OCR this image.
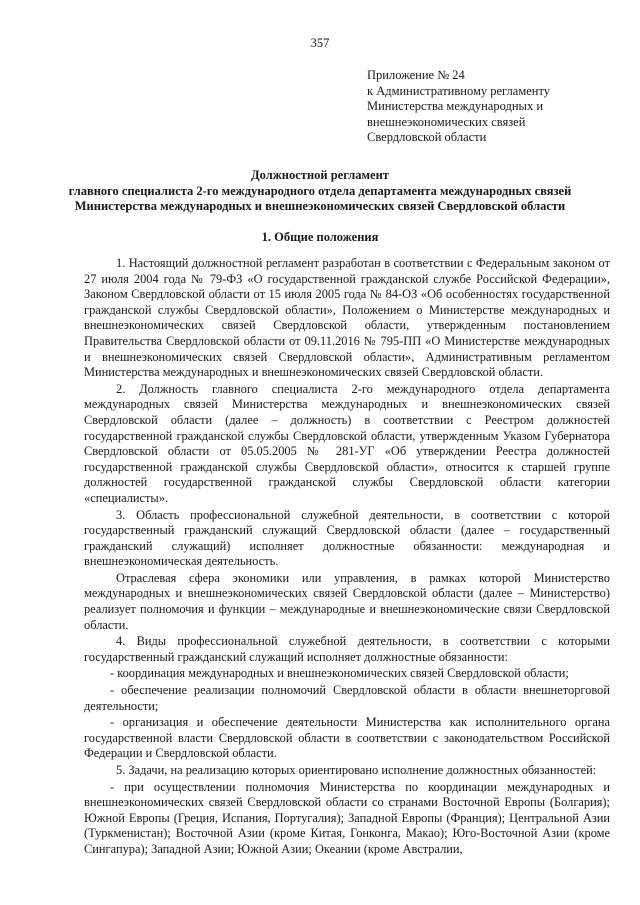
357
Приложение № 24
к Административному регламенту
Министерства международных и
внешнеэкономических связей
Свердловской области
Должностной регламент
главного специалиста 2-го международного отдела департамента международных связей
Министерства международных и внешнеэкономических связей Свердловской области
1. Общие положения

1. Настоящий должностной регламент разработан в соответствии с Федеральным законом от 27 июля 2004 года № 79-ФЗ «О государственной гражданской службе Российской Федерации», Законом Свердловской области от 15 июля 2005 года № 84-ОЗ «Об особенностях государственной гражданской службы Свердловской области», Положением о Министерстве международных и внешнеэкономических связей Свердловской области, утвержденным постановлением Правительства Свердловской области от 09.11.2016 № 795-ПП «О Министерстве международных и внешнеэкономических связей Свердловской области», Административным регламентом Министерства международных и внешнеэкономических связей Свердловской области.

2. Должность главного специалиста 2-го международного отдела департамента международных связей Министерства международных и внешнеэкономических связей Свердловской области (далее – должность) в соответствии с Реестром должностей государственной гражданской службы Свердловской области, утвержденным Указом Губернатора Свердловской области от 05.05.2005 № 281-УГ «Об утверждении Реестра должностей государственной гражданской службы Свердловской области», относится к старшей группе должностей государственной гражданской службы Свердловской области категории «специалисты».

3. Область профессиональной служебной деятельности, в соответствии с которой государственный гражданский служащий Свердловской области (далее – государственный гражданский служащий) исполняет должностные обязанности: международная и внешнеэкономическая деятельность.

Отраслевая сфера экономики или управления, в рамках которой Министерство международных и внешнеэкономических связей Свердловской области (далее – Министерство) реализует полномочия и функции – международные и внешнеэкономические связи Свердловской области.

4. Виды профессиональной служебной деятельности, в соответствии с которыми государственный гражданский служащий исполняет должностные обязанности:

- координация международных и внешнеэкономических связей Свердловской области;

- обеспечение реализации полномочий Свердловской области в области внешнеторговой деятельности;

- организация и обеспечение деятельности Министерства как исполнительного органа государственной власти Свердловской области в соответствии с законодательством Российской Федерации и Свердловской области.

5. Задачи, на реализацию которых ориентировано исполнение должностных обязанностей:

- при осуществлении полномочия Министерства по координации международных и внешнеэкономических связей Свердловской области со странами Восточной Европы (Болгария); Южной Европы (Греция, Испания, Португалия); Западной Европы (Франция); Центральной Азии (Туркменистан); Восточной Азии (кроме Китая, Гонконга, Макао); Юго-Восточной Азии (кроме Сингапура); Западной Азии; Южной Азии; Океании (кроме Австралии,
